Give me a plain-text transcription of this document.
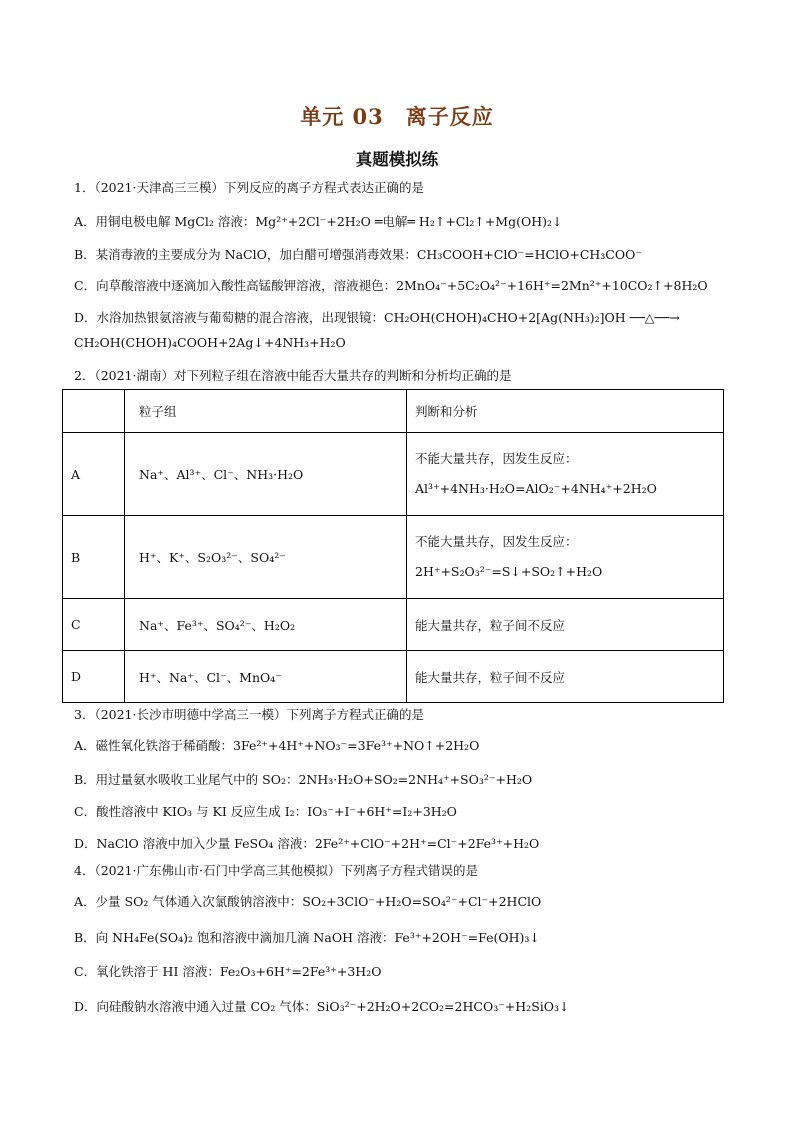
单元 03　离子反应
真题模拟练
1．（2021·天津高三三模）下列反应的离子方程式表达正确的是
A．用铜电极电解 MgCl₂ 溶液：Mg²⁺+2Cl⁻+2H₂O ═电解═ H₂↑+Cl₂↑+Mg(OH)₂↓
B．某消毒液的主要成分为 NaClO，加白醋可增强消毒效果：CH₃COOH+ClO⁻=HClO+CH₃COO⁻
C．向草酸溶液中逐滴加入酸性高锰酸钾溶液，溶液褪色：2MnO₄⁻+5C₂O₄²⁻+16H⁺=2Mn²⁺+10CO₂↑+8H₂O
D．水浴加热银氨溶液与葡萄糖的混合溶液，出现银镜：CH₂OH(CHOH)₄CHO+2[Ag(NH₃)₂]OH ──△──→
CH₂OH(CHOH)₄COOH+2Ag↓+4NH₃+H₂O
2．（2021·湖南）对下列粒子组在溶液中能否大量共存的判断和分析均正确的是
	粒子组	判断和分析
A	Na⁺、Al³⁺、Cl⁻、NH₃·H₂O	不能大量共存，因发生反应：
Al³⁺+4NH₃·H₂O=AlO₂⁻+4NH₄⁺+2H₂O

B	H⁺、K⁺、S₂O₃²⁻、SO₄²⁻	不能大量共存，因发生反应：
2H⁺+S₂O₃²⁻=S↓+SO₂↑+H₂O

C	Na⁺、Fe³⁺、SO₄²⁻、H₂O₂	能大量共存，粒子间不反应
D	H⁺、Na⁺、Cl⁻、MnO₄⁻	能大量共存，粒子间不反应
3．（2021·长沙市明德中学高三一模）下列离子方程式正确的是
A．磁性氧化铁溶于稀硝酸：3Fe²⁺+4H⁺+NO₃⁻=3Fe³⁺+NO↑+2H₂O
B．用过量氨水吸收工业尾气中的 SO₂：2NH₃·H₂O+SO₂=2NH₄⁺+SO₃²⁻+H₂O
C．酸性溶液中 KIO₃ 与 KI 反应生成 I₂：IO₃⁻+I⁻+6H⁺=I₂+3H₂O
D．NaClO 溶液中加入少量 FeSO₄ 溶液：2Fe²⁺+ClO⁻+2H⁺=Cl⁻+2Fe³⁺+H₂O
4．（2021·广东佛山市·石门中学高三其他模拟）下列离子方程式错误的是
A．少量 SO₂ 气体通入次氯酸钠溶液中：SO₂+3ClO⁻+H₂O=SO₄²⁻+Cl⁻+2HClO
B．向 NH₄Fe(SO₄)₂ 饱和溶液中滴加几滴 NaOH 溶液：Fe³⁺+2OH⁻=Fe(OH)₃↓
C．氧化铁溶于 HI 溶液：Fe₂O₃+6H⁺=2Fe³⁺+3H₂O
D．向硅酸钠水溶液中通入过量 CO₂ 气体：SiO₃²⁻+2H₂O+2CO₂=2HCO₃⁻+H₂SiO₃↓
